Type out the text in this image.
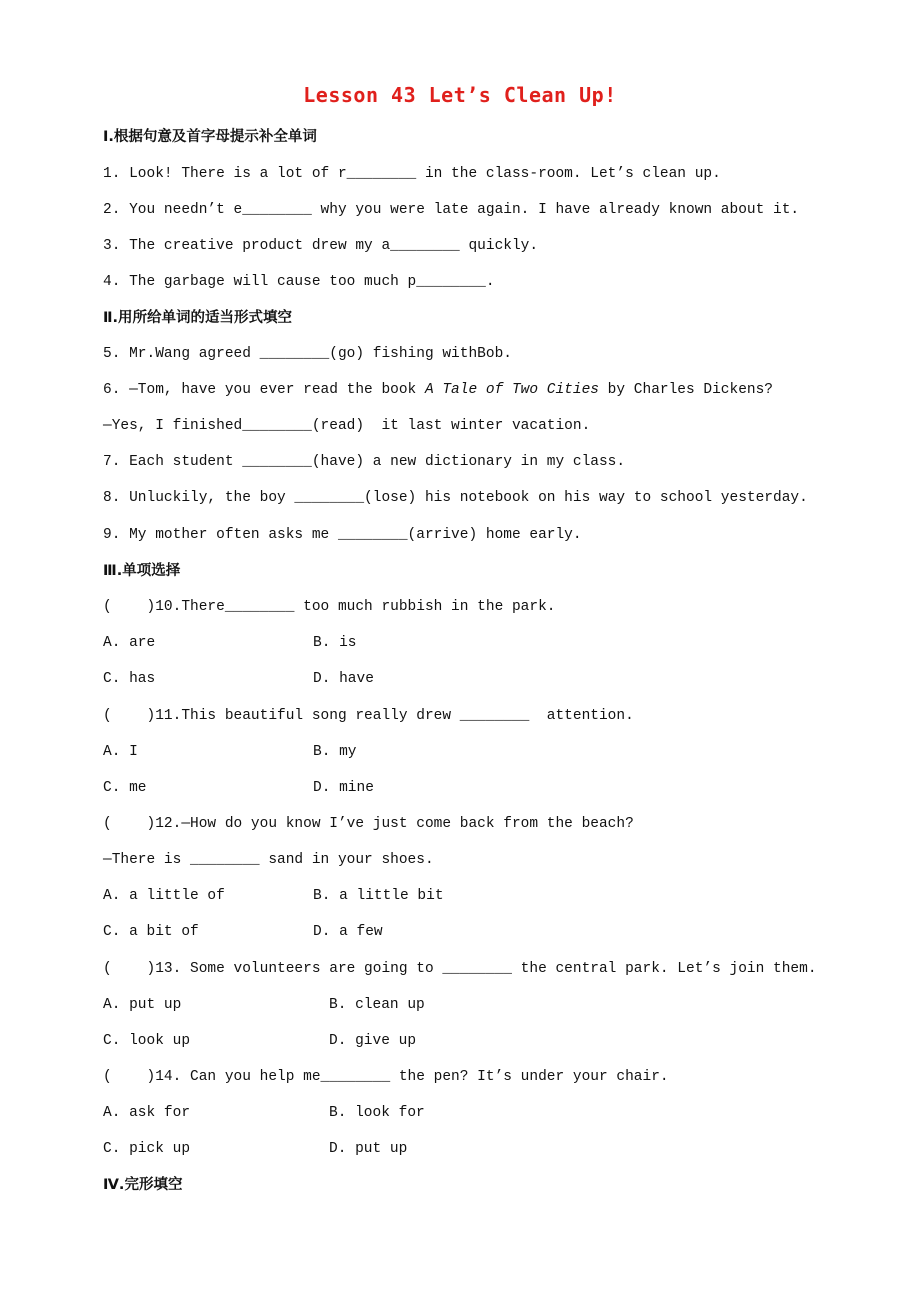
Lesson 43 Let’s Clean Up!
Ⅰ.根据句意及首字母提示补全单词
1. Look! There is a lot of r________ in the class-room. Let’s clean up.
2. You needn’t e________ why you were late again. I have already known about it.
3. The creative product drew my a________ quickly.
4. The garbage will cause too much p________.
Ⅱ.用所给单词的适当形式填空
5. Mr.Wang agreed ________(go) fishing withBob.
6. —Tom, have you ever read the book A Tale of Two Cities by Charles Dickens?
—Yes, I finished________(read)  it last winter vacation.
7. Each student ________(have) a new dictionary in my class.
8. Unluckily, the boy ________(lose) his notebook on his way to school yesterday.
9. My mother often asks me ________(arrive) home early.
Ⅲ.单项选择
(    )10.There________ too much rubbish in the park.
A. are	B. is
C. has	D. have
(    )11.This beautiful song really drew ________  attention.
A. I	B. my
C. me	D. mine
(    )12.—How do you know I’ve just come back from the beach?
—There is ________ sand in your shoes.
A. a little of	B. a little bit
C. a bit of	D. a few
(    )13. Some volunteers are going to ________ the central park. Let’s join them.
A. put up	B. clean up
C. look up	D. give up
(    )14. Can you help me________ the pen? It’s under your chair.
A. ask for	B. look for
C. pick up	D. put up
Ⅳ.完形填空
